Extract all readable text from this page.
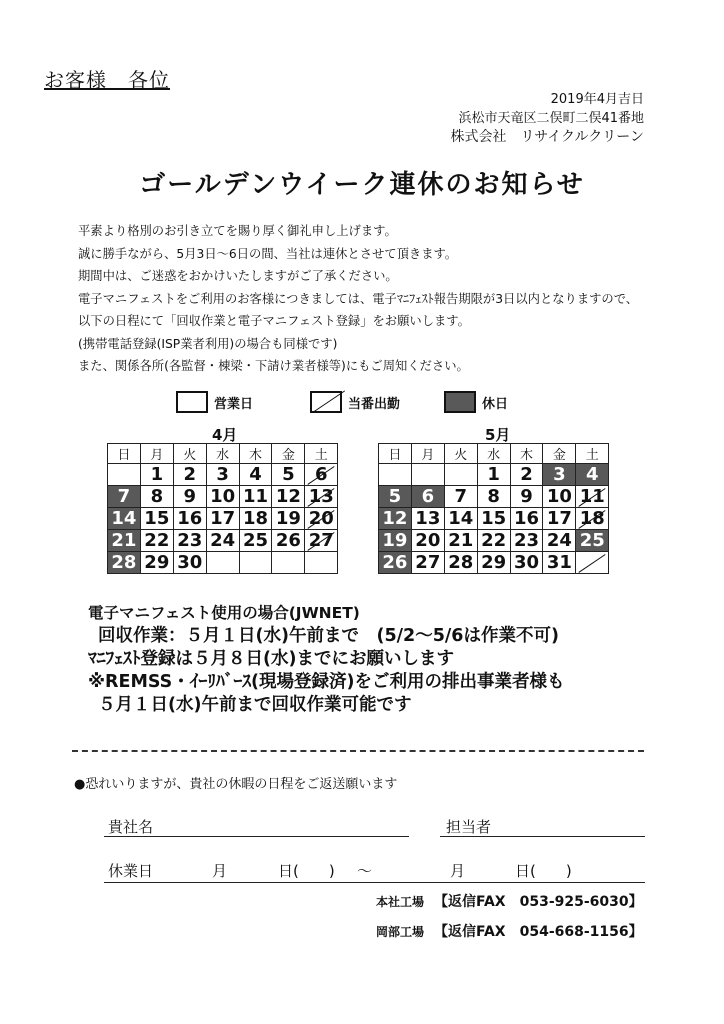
お客様　各位
2019年4月吉日
浜松市天竜区二俣町二俣41番地
株式会社　リサイクルクリーン
ゴールデンウイーク連休のお知らせ
平素より格別のお引き立てを賜り厚く御礼申し上げます。
誠に勝手ながら、5月3日～6日の間、当社は連休とさせて頂きます。
期間中は、ご迷惑をおかけいたしますがご了承ください。
電子マニフェストをご利用のお客様につきましては、電子ﾏﾆﾌｪｽﾄ報告期限が3日以内となりますので、
以下の日程にて「回収作業と電子マニフェスト登録」をお願いします。
(携帯電話登録(ISP業者利用)の場合も同様です)
また、関係各所(各監督・棟梁・下請け業者様等)にもご周知ください。
営業日	当番出勤	休日
4月	5月
日	月	火	水	木	金	土
	1	2	3	4	5	6
7	8	9	10	11	12	13
14	15	16	17	18	19	20
21	22	23	24	25	26	27
28	29	30				
日	月	火	水	木	金	土
			1	2	3	4
5	6	7	8	9	10	11
12	13	14	15	16	17	18
19	20	21	22	23	24	25
26	27	28	29	30	31	
電子マニフェスト使用の場合(JWNET)
回収作業：５月１日(水)午前まで　(5/2～5/6は作業不可)
ﾏﾆﾌｪｽﾄ登録は５月８日(水)までにお願いします
※REMSS・ｲｰﾘﾊﾞｰｽ(現場登録済)をご利用の排出事業者様も
５月１日(水)午前まで回収作業可能です
●恐れいりますが、貴社の休暇の日程をご返送願います
貴社名	担当者
休業日	月	日(　　) ～	月	日(　　)
本社工場 【返信FAX　053-925-6030】
岡部工場 【返信FAX　054-668-1156】
